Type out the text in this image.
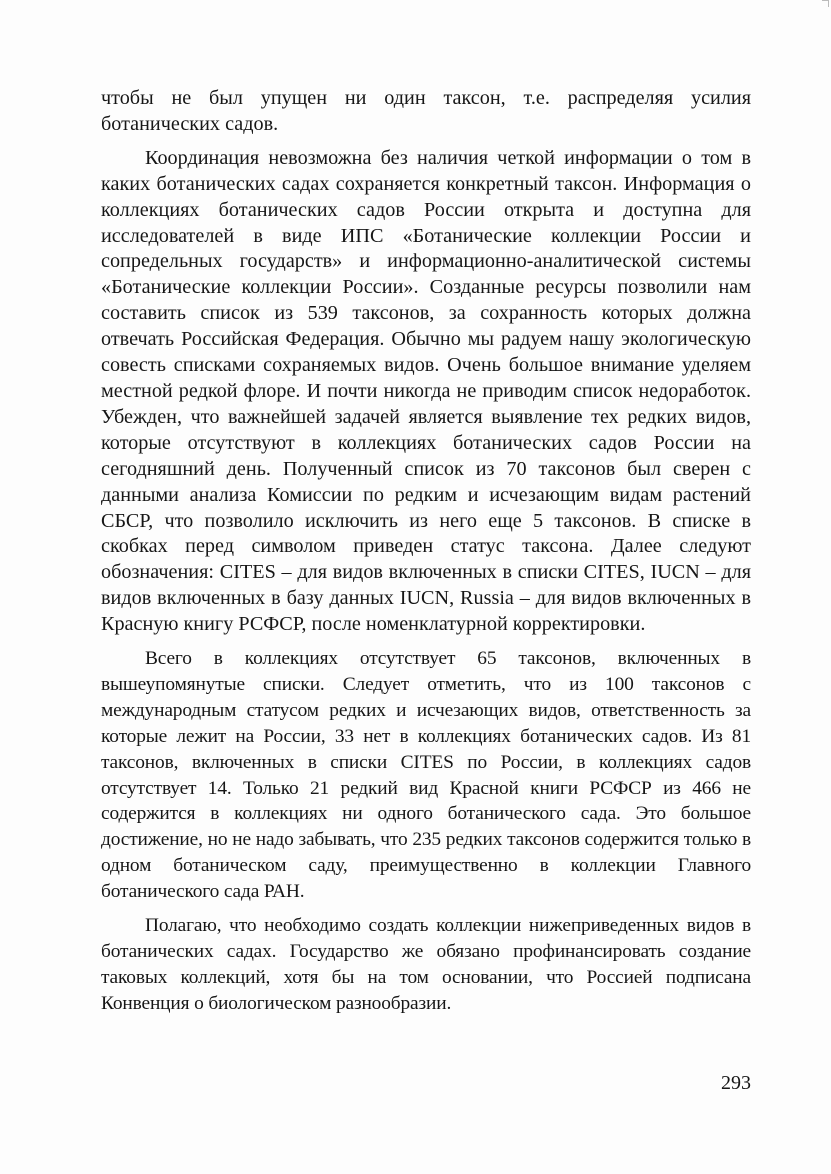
чтобы не был упущен ни один таксон, т.е. распределяя усилия ботанических садов.

Координация невозможна без наличия четкой информации о том в каких ботанических садах сохраняется конкретный таксон. Информация о коллекциях ботанических садов России открыта и доступна для исследователей в виде ИПС «Ботанические коллекции России и сопредельных государств» и информационно-аналитической системы «Ботанические коллекции России». Созданные ресурсы позволили нам составить список из 539 таксонов, за сохранность которых должна отвечать Российская Федерация. Обычно мы радуем нашу экологическую совесть списками сохраняемых видов. Очень большое внимание уделяем местной редкой флоре. И почти никогда не приводим список недоработок. Убежден, что важнейшей задачей является выявление тех редких видов, которые отсутствуют в коллекциях ботанических садов России на сегодняшний день. Полученный список из 70 таксонов был сверен с данными анализа Комиссии по редким и исчезающим видам растений СБСР, что позволило исключить из него еще 5 таксонов. В списке в скобках перед символом приведен статус таксона. Далее следуют обозначения: CITES – для видов включенных в списки CITES, IUCN – для видов включенных в базу данных IUCN, Russia – для видов включенных в Красную книгу РСФСР, после номенклатурной корректировки.

Всего в коллекциях отсутствует 65 таксонов, включенных в вышеупомянутые списки. Следует отметить, что из 100 таксонов с международным статусом редких и исчезающих видов, ответственность за которые лежит на России, 33 нет в коллекциях ботанических садов. Из 81 таксонов, включенных в списки CITES по России, в коллекциях садов отсутствует 14. Только 21 редкий вид Красной книги РСФСР из 466 не содержится в коллекциях ни одного ботанического сада. Это большое достижение, но не надо забывать, что 235 редких таксонов содержится только в одном ботаническом саду, преимущественно в коллекции Главного ботанического сада РАН.

Полагаю, что необходимо создать коллекции нижеприведенных видов в ботанических садах. Государство же обязано профинансировать создание таковых коллекций, хотя бы на том основании, что Россией подписана Конвенция о биологическом разнообразии.

293
